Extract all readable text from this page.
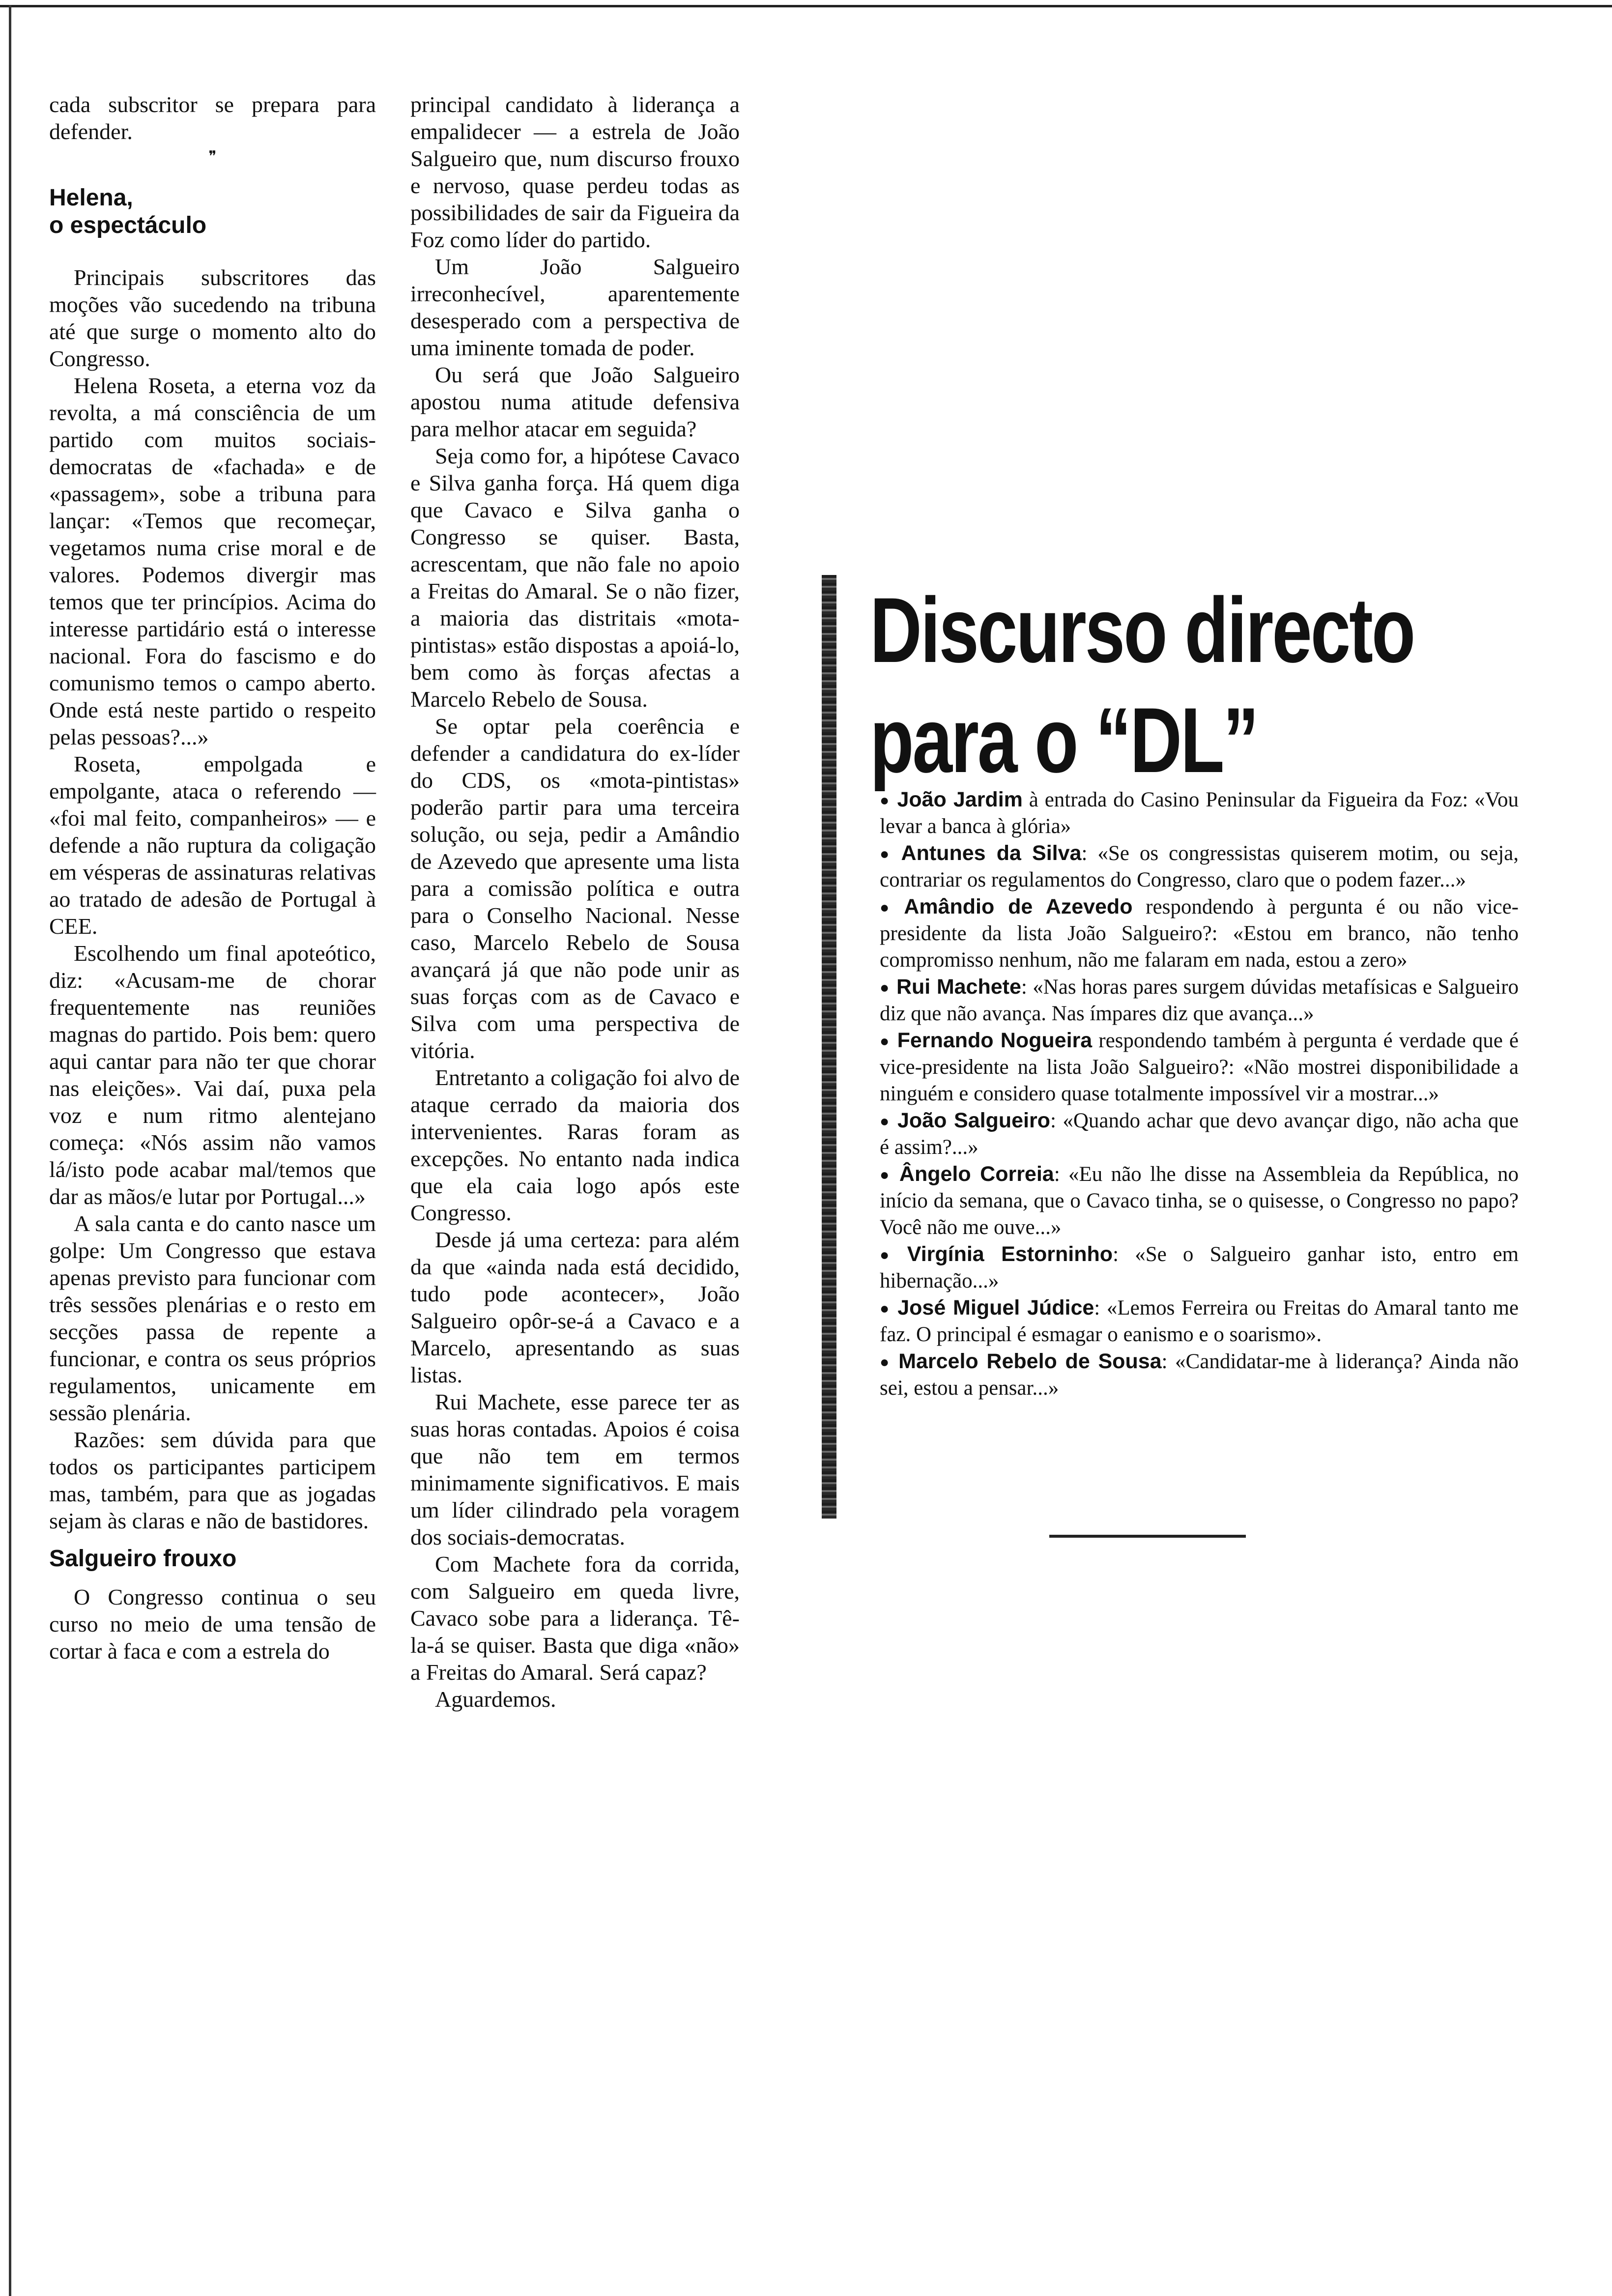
cada subscritor se prepara para defender.

❞
Helena,
o espectáculo

Principais subscritores das moções vão sucedendo na tribuna até que surge o momento alto do Congresso.

Helena Roseta, a eterna voz da revolta, a má consciência de um partido com muitos sociais-democratas de «fachada» e de «passagem», sobe a tribuna para lançar: «Temos que recomeçar, vegetamos numa crise moral e de valores. Podemos divergir mas temos que ter princípios. Acima do interesse partidário está o interesse nacional. Fora do fascismo e do comunismo temos o campo aberto. Onde está neste partido o respeito pelas pessoas?...»

Roseta, empolgada e empolgante, ataca o referendo — «foi mal feito, companheiros» — e defende a não ruptura da coligação em vésperas de assinaturas relativas ao tratado de adesão de Portugal à CEE.

Escolhendo um final apoteótico, diz: «Acusam-me de chorar frequentemente nas reuniões magnas do partido. Pois bem: quero aqui cantar para não ter que chorar nas eleições». Vai daí, puxa pela voz e num ritmo alentejano começa: «Nós assim não vamos lá/isto pode acabar mal/temos que dar as mãos/e lutar por Portugal...»

A sala canta e do canto nasce um golpe: Um Congresso que estava apenas previsto para funcionar com três sessões plenárias e o resto em secções passa de repente a funcionar, e contra os seus próprios regulamentos, unicamente em sessão plenária.

Razões: sem dúvida para que todos os participantes participem mas, também, para que as jogadas sejam às claras e não de bastidores.

Salgueiro frouxo

O Congresso continua o seu curso no meio de uma tensão de cortar à faca e com a estrela do

principal candidato à liderança a empalidecer — a estrela de João Salgueiro que, num discurso frouxo e nervoso, quase perdeu todas as possibilidades de sair da Figueira da Foz como líder do partido.

Um João Salgueiro irreconhecível, aparentemente desesperado com a perspectiva de uma iminente tomada de poder.

Ou será que João Salgueiro apostou numa atitude defensiva para melhor atacar em seguida?

Seja como for, a hipótese Cavaco e Silva ganha força. Há quem diga que Cavaco e Silva ganha o Congresso se quiser. Basta, acrescentam, que não fale no apoio a Freitas do Amaral. Se o não fizer, a maioria das distritais «mota-pintistas» estão dispostas a apoiá-lo, bem como às forças afectas a Marcelo Rebelo de Sousa.

Se optar pela coerência e defender a candidatura do ex-líder do CDS, os «mota-pintistas» poderão partir para uma terceira solução, ou seja, pedir a Amândio de Azevedo que apresente uma lista para a comissão política e outra para o Conselho Nacional. Nesse caso, Marcelo Rebelo de Sousa avançará já que não pode unir as suas forças com as de Cavaco e Silva com uma perspectiva de vitória.

Entretanto a coligação foi alvo de ataque cerrado da maioria dos intervenientes. Raras foram as excepções. No entanto nada indica que ela caia logo após este Congresso.

Desde já uma certeza: para além da que «ainda nada está decidido, tudo pode acontecer», João Salgueiro opôr-se-á a Cavaco e a Marcelo, apresentando as suas listas.

Rui Machete, esse parece ter as suas horas contadas. Apoios é coisa que não tem em termos minimamente significativos. E mais um líder cilindrado pela voragem dos sociais-democratas.

Com Machete fora da corrida, com Salgueiro em queda livre, Cavaco sobe para a liderança. Tê-la-á se quiser. Basta que diga «não» a Freitas do Amaral. Será capaz?

Aguardemos.

Discurso directo
para o “DL”

● João Jardim à entrada do Casino Peninsular da Figueira da Foz: «Vou levar a banca à glória»

● Antunes da Silva: «Se os congressistas quiserem motim, ou seja, contrariar os regulamentos do Congresso, claro que o podem fazer...»

● Amândio de Azevedo respondendo à pergunta é ou não vice-presidente da lista João Salgueiro?: «Estou em branco, não tenho compromisso nenhum, não me falaram em nada, estou a zero»

● Rui Machete: «Nas horas pares surgem dúvidas metafísicas e Salgueiro diz que não avança. Nas ímpares diz que avança...»

● Fernando Nogueira respondendo também à pergunta é verdade que é vice-presidente na lista João Salgueiro?: «Não mostrei disponibilidade a ninguém e considero quase totalmente impossível vir a mostrar...»

● João Salgueiro: «Quando achar que devo avançar digo, não acha que é assim?...»

● Ângelo Correia: «Eu não lhe disse na Assembleia da República, no início da semana, que o Cavaco tinha, se o quisesse, o Congresso no papo? Você não me ouve...»

● Virgínia Estorninho: «Se o Salgueiro ganhar isto, entro em hibernação...»

● José Miguel Júdice: «Lemos Ferreira ou Freitas do Amaral tanto me faz. O principal é esmagar o eanismo e o soarismo».

● Marcelo Rebelo de Sousa: «Candidatar-me à liderança? Ainda não sei, estou a pensar...»
